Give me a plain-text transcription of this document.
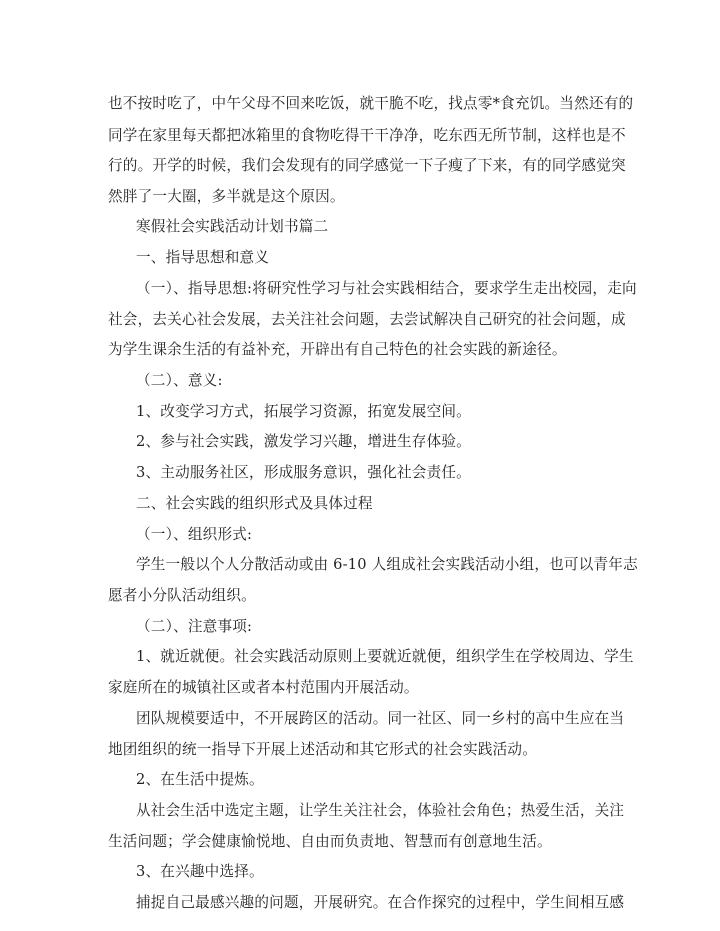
也不按时吃了，中午父母不回来吃饭，就干脆不吃，找点零*食充饥。当然还有的
同学在家里每天都把冰箱里的食物吃得干干净净，吃东西无所节制，这样也是不
行的。开学的时候，我们会发现有的同学感觉一下子瘦了下来，有的同学感觉突
然胖了一大圈，多半就是这个原因。
寒假社会实践活动计划书篇二
一、指导思想和意义
（一）、指导思想:将研究性学习与社会实践相结合，要求学生走出校园，走向
社会，去关心社会发展，去关注社会问题，去尝试解决自己研究的社会问题，成
为学生课余生活的有益补充，开辟出有自己特色的社会实践的新途径。
（二）、意义:
1、改变学习方式，拓展学习资源，拓宽发展空间。
2、参与社会实践，激发学习兴趣，增进生存体验。
3、主动服务社区，形成服务意识，强化社会责任。
二、社会实践的组织形式及具体过程
（一）、组织形式:
学生一般以个人分散活动或由 6-10 人组成社会实践活动小组，也可以青年志
愿者小分队活动组织。
（二）、注意事项:
1、就近就便。社会实践活动原则上要就近就便，组织学生在学校周边、学生
家庭所在的城镇社区或者本村范围内开展活动。
团队规模要适中，不开展跨区的活动。同一社区、同一乡村的高中生应在当
地团组织的统一指导下开展上述活动和其它形式的社会实践活动。
2、在生活中提炼。
从社会生活中选定主题，让学生关注社会，体验社会角色；热爱生活，关注
生活问题；学会健康愉悦地、自由而负责地、智慧而有创意地生活。
3、在兴趣中选择。
捕捉自己最感兴趣的问题，开展研究。在合作探究的过程中，学生间相互感
